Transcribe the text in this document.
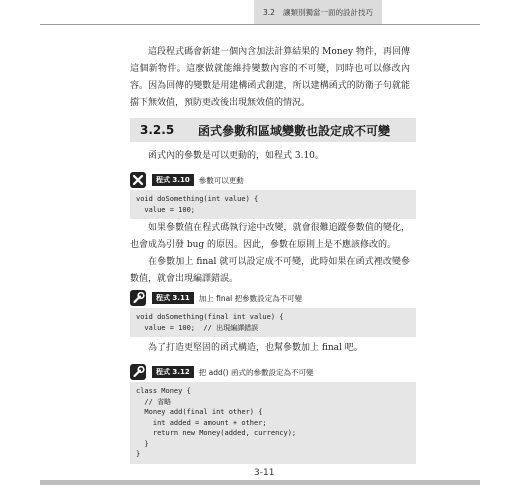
3.2 讓類別獨當一面的設計技巧
這段程式碼會新建一個內含加法計算結果的 Money 物件，再回傳這個新物件。這麼做就能維持變數內容的不可變，同時也可以修改內容。因為回傳的變數是用建構函式創建，所以建構函式的防衛子句就能擋下無效值，預防更改後出現無效值的情況。
3.2.5	函式參數和區域變數也設定成不可變
函式內的參數是可以更動的，如程式 3.10。
程式 3.10	參數可以更動
void doSomething(int value) {
value = 100;
如果參數值在程式碼執行途中改變，就會很難追蹤參數值的變化，也會成為引發 bug 的原因。因此，參數在原則上是不應該修改的。
在參數加上 final 就可以設定成不可變，此時如果在函式裡改變參數值，就會出現編譯錯誤。
程式 3.11	加上 final 把參數設定為不可變
void doSomething(final int value) {
value = 100;  // 出現編譯錯誤
為了打造更堅固的函式構造，也幫參數加上 final 吧。
程式 3.12	把 add() 函式的參數設定為不可變
class Money {
// 省略
Money add(final int other) {
int added = amount + other;
return new Money(added, currency);
}
}
3-11
